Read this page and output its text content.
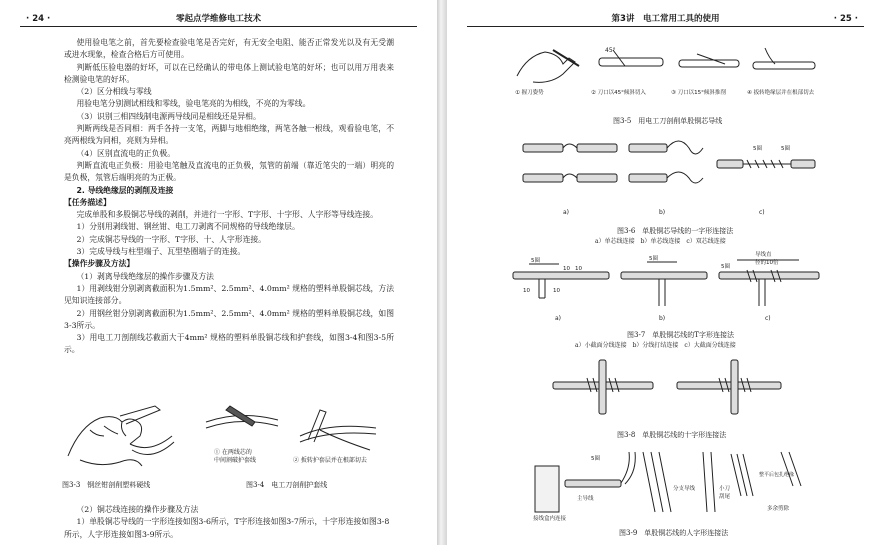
· 24 ·	零起点学维修电工技术

使用验电笔之前，首先要检查验电笔是否完好，有无安全电阻、能否正常发光以及有无受潮或进水现象，检查合格后方可使用。

判断低压验电器的好坏，可以在已经确认的带电体上测试验电笔的好坏；也可以用万用表来检测验电笔的好坏。

（2）区分相线与零线

用验电笔分别测试相线和零线，验电笔亮的为相线，不亮的为零线。

（3）识别三相四线制电源两导线同是相线还是异相。

判断两线是否同相：两手各持一支笔，两脚与地相绝缘，两笔各触一根线，观看验电笔，不亮两根线为同相，亮则为异相。

（4）区别直流电的正负极。

判断直流电正负极：用验电笔触及直流电的正负极，氖管的前端（靠近笔尖的一端）明亮的是负极，氖管后端明亮的为正极。

2. 导线绝缘层的剥削及连接

【任务描述】

完成单股和多股铜芯导线的剥削，并进行一字形、T字形、十字形、人字形等导线连接。

1）分别用剥线钳、钢丝钳、电工刀剥离不同规格的导线绝缘层。

2）完成铜芯导线的一字形、T字形、十、人字形连接。

3）完成导线与柱型端子、瓦型垫圈端子的连接。

【操作步骤及方法】

（1）剥离导线绝缘层的操作步骤及方法

1）用剥线钳分别剥离截面积为1.5mm²、2.5mm²、4.0mm² 规格的塑料单股铜芯线，方法见知识连接部分。

2）用钢丝钳分别剥离截面积为1.5mm²、2.5mm²、4.0mm² 规格的塑料单股铜芯线，如图3-3所示。

3）用电工刀剖削线芯截面大于4mm² 规格的塑料单股铜芯线和护套线，如图3-4和图3-5所示。

① 在两线芯的
中间割破护套线	② 扳转护套层并在根部切去
图3-3　钢丝钳剖削塑料硬线	图3-4　电工刀剖削护套线

（2）铜芯线连接的操作步骤及方法

1）单股铜芯导线的一字形连接如图3-6所示，T字形连接如图3-7所示，十字形连接如图3-8所示，人字形连接如图3-9所示。

第3讲　电工常用工具的使用	· 25 ·
45°
① 握刀姿势	② 刀口以45°倾斜切入	③ 刀口以15°倾斜推削	④ 扳转绝缘层并在根部切去
图3-5　用电工刀剖削单股铜芯导线
5圈	5圈
a)	b)	c)
图3-6　单股铜芯导线的一字形连接法
a）单芯线连接　b）单芯线连接　c）双芯线连接
5圈
10 10
10	10
5圈
5圈
导线直
径的10倍
a)	b)	c)
图3-7　单股铜芯线的T字形连接法
a）小截面分线连接　b）分线打结连接　c）大截面分线连接
图3-8　单股铜芯线的十字形连接法
5圈
主导线
分支导线	小刀
刮尾
整平后包扎绝缘
多余剪除
接线盒内连接
图3-9　单股铜芯线的人字形连接法
